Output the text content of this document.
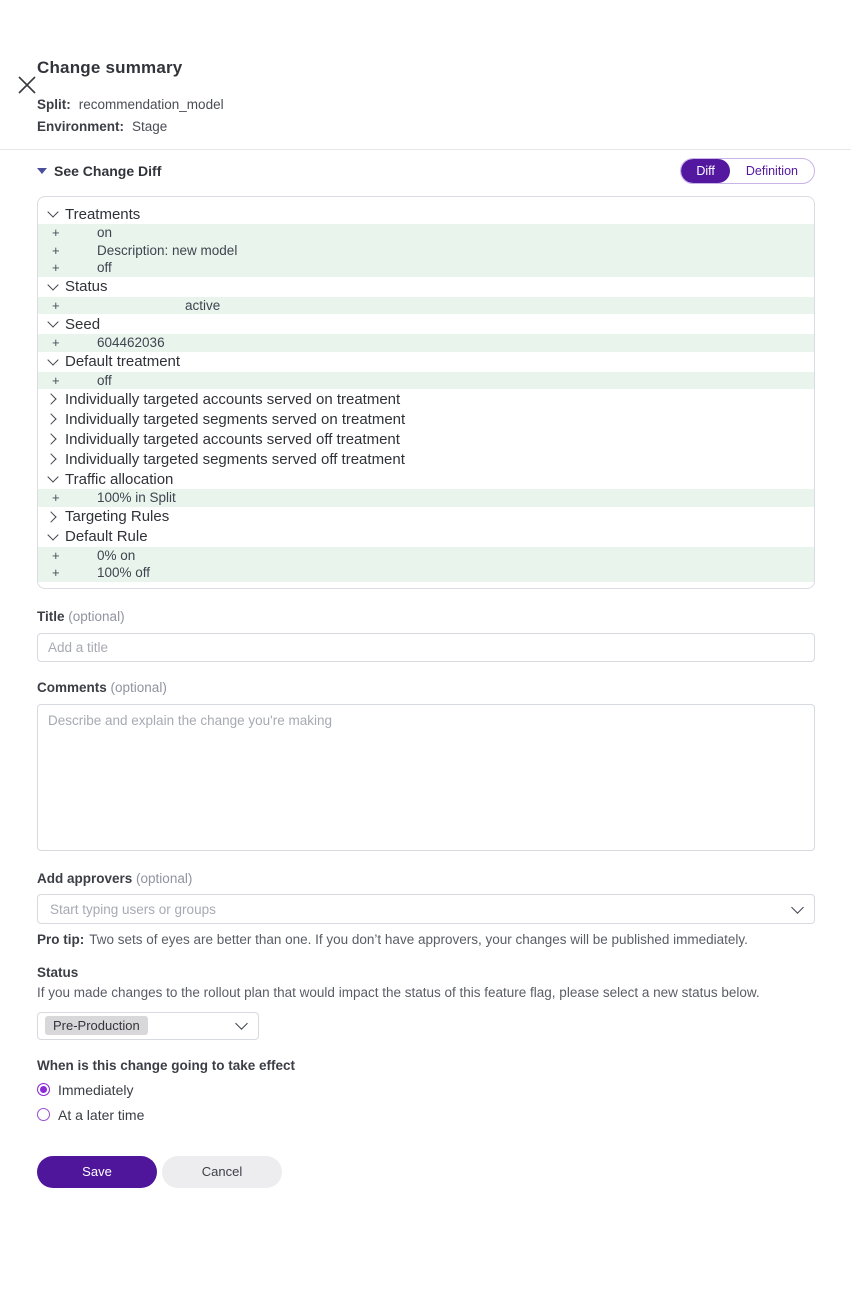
Change summary
Split: recommendation_model
Environment: Stage
See Change Diff	Diff	Definition
Treatments
+	on
+	Description: new model
+	off
Status
+	active
Seed
+	604462036
Default treatment
+	off
Individually targeted accounts served on treatment
Individually targeted segments served on treatment
Individually targeted accounts served off treatment
Individually targeted segments served off treatment
Traffic allocation
+	100% in Split
Targeting Rules
Default Rule
+	0% on
+	100% off
Title (optional)
Add a title
Comments (optional)
Describe and explain the change you're making
Add approvers (optional)
Start typing users or groups

Pro tip: Two sets of eyes are better than one. If you don’t have approvers, your changes will be published immediately.

Status

If you made changes to the rollout plan that would impact the status of this feature flag, please select a new status below.

Pre-Production
When is this change going to take effect
Immediately
At a later time
Save	Cancel
